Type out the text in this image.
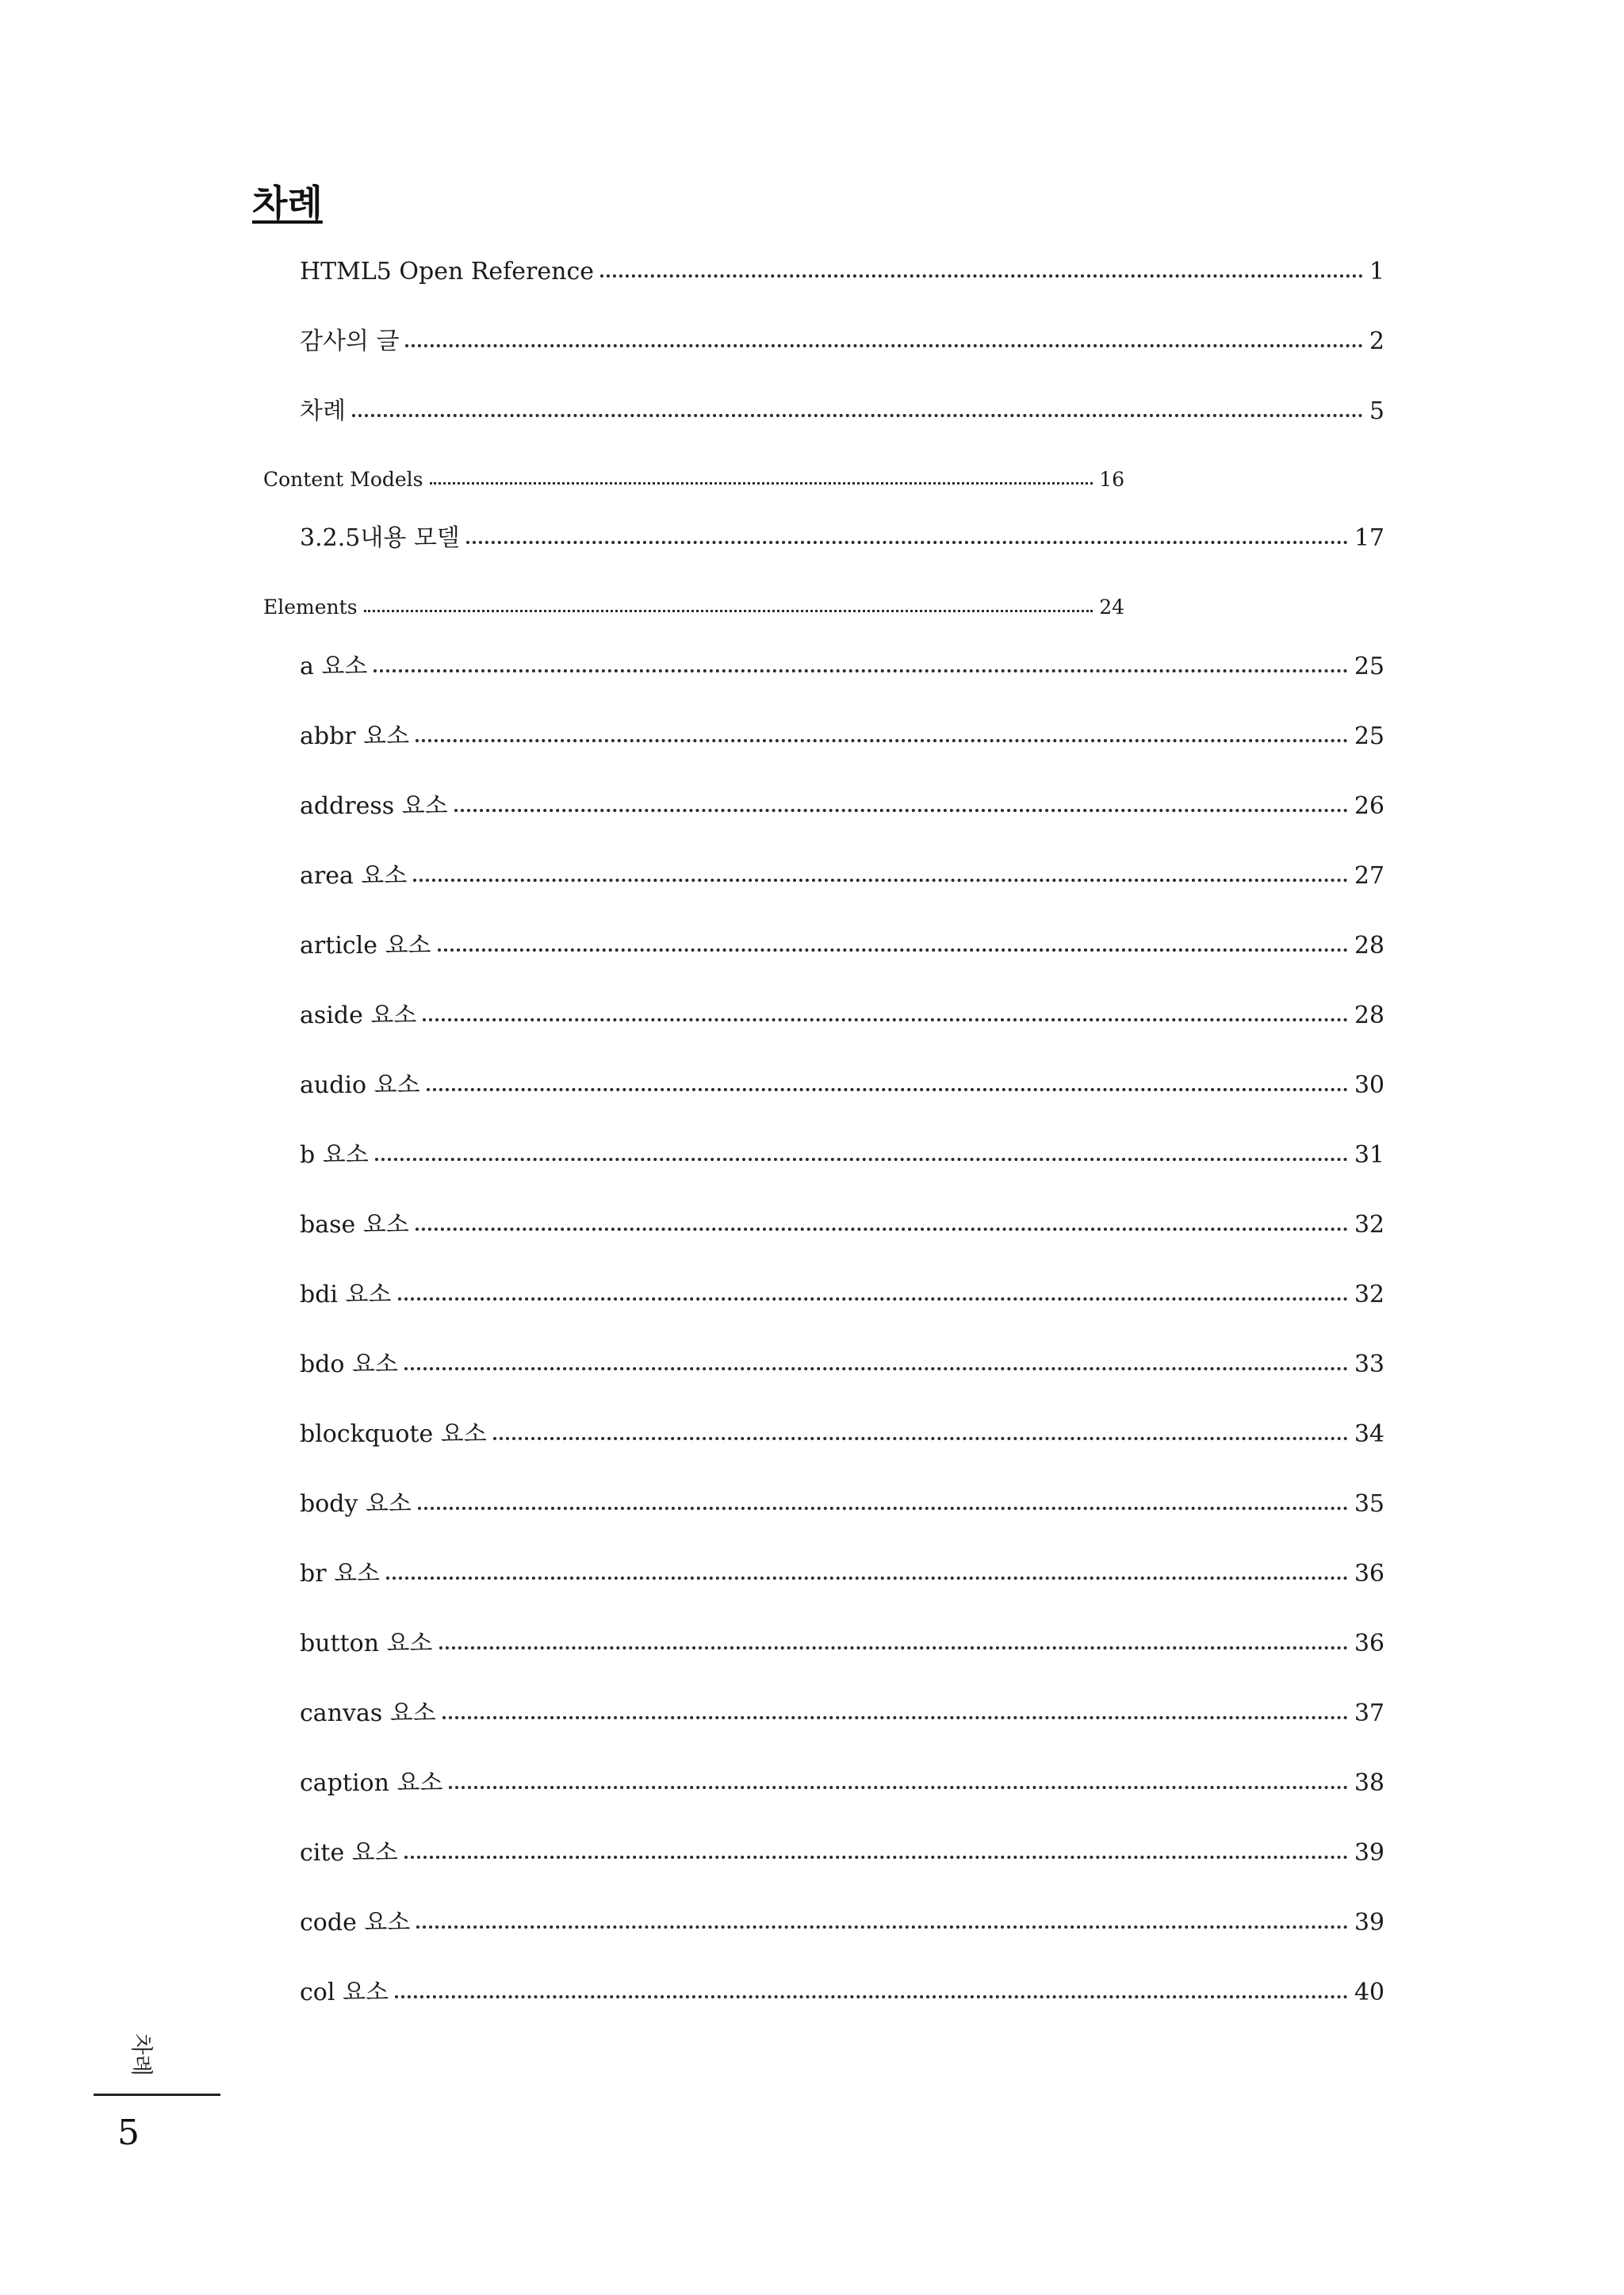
차례
HTML5 Open Reference	1
감사의 글	2
차례	5
Content Models	16
3.2.5내용 모델	17
Elements	24
a 요소	25
abbr 요소	25
address 요소	26
area 요소	27
article 요소	28
aside 요소	28
audio 요소	30
b 요소	31
base 요소	32
bdi 요소	32
bdo 요소	33
blockquote 요소	34
body 요소	35
br 요소	36
button 요소	36
canvas 요소	37
caption 요소	38
cite 요소	39
code 요소	39
col 요소	40
차례
5
